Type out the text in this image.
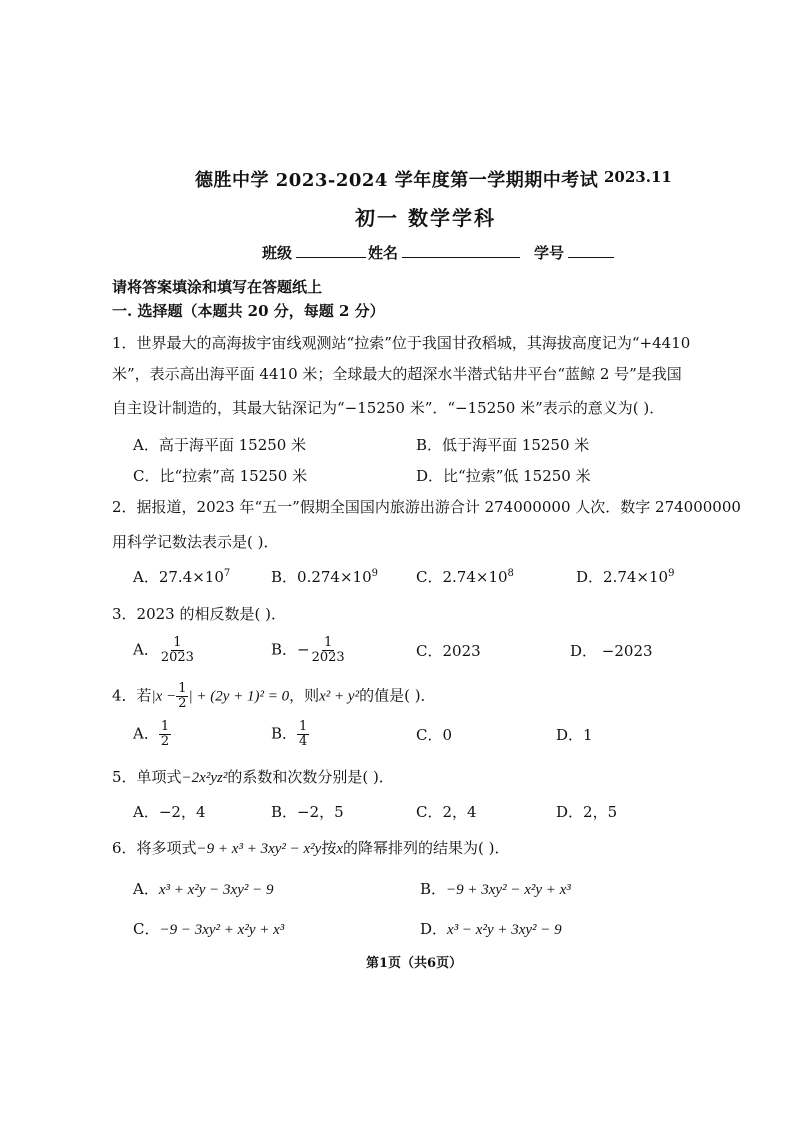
德胜中学 2023-2024 学年度第一学期期中考试 2023.11
初一 数学学科
班级	姓名	学号
请将答案填涂和填写在答题纸上
一. 选择题（本题共 20 分，每题 2 分）
1．世界最大的高海拔宇宙线观测站“拉索”位于我国甘孜稻城，其海拔高度记为“+4410
米”，表示高出海平面 4410 米；全球最大的超深水半潜式钻井平台“蓝鲸 2 号”是我国
自主设计制造的，其最大钻深记为“−15250 米”．“−15250 米”表示的意义为( )．
A．高于海平面 15250 米	B．低于海平面 15250 米
C．比“拉索”高 15250 米	D．比“拉索”低 15250 米
2．据报道，2023 年“五一”假期全国国内旅游出游合计 274000000 人次．数字 274000000
用科学记数法表示是( )．
A．$27.4\times 10^7$	B．$0.274\times 10^9$	C．$2.74\times 10^8$	D．$2.74\times 10^9$
3．2023 的相反数是( )．
A． $\frac{1}{2023}$	B．− $\frac{1}{2023}$	C．2023	D． −2023
4．若$|x - \frac{1}{2}$ | + (2y + 1)² = 0，则x² + y²的值是( )．
A． $\frac{1}{2}$	B． $\frac{1}{4}$	C．0	D．1
5．单项式−2x²yz²的系数和次数分别是( )．
A．−2，4	B．−2，5	C．2，4	D．2，5
6．将多项式−9 + x³ + 3xy² − x²y按x的降幂排列的结果为( )．
A．x³ + x²y − 3xy² − 9	B．−9 + 3xy² − x²y + x³
C．−9 − 3xy² + x²y + x³	D．x³ − x²y + 3xy² − 9
第1页（共6页）
